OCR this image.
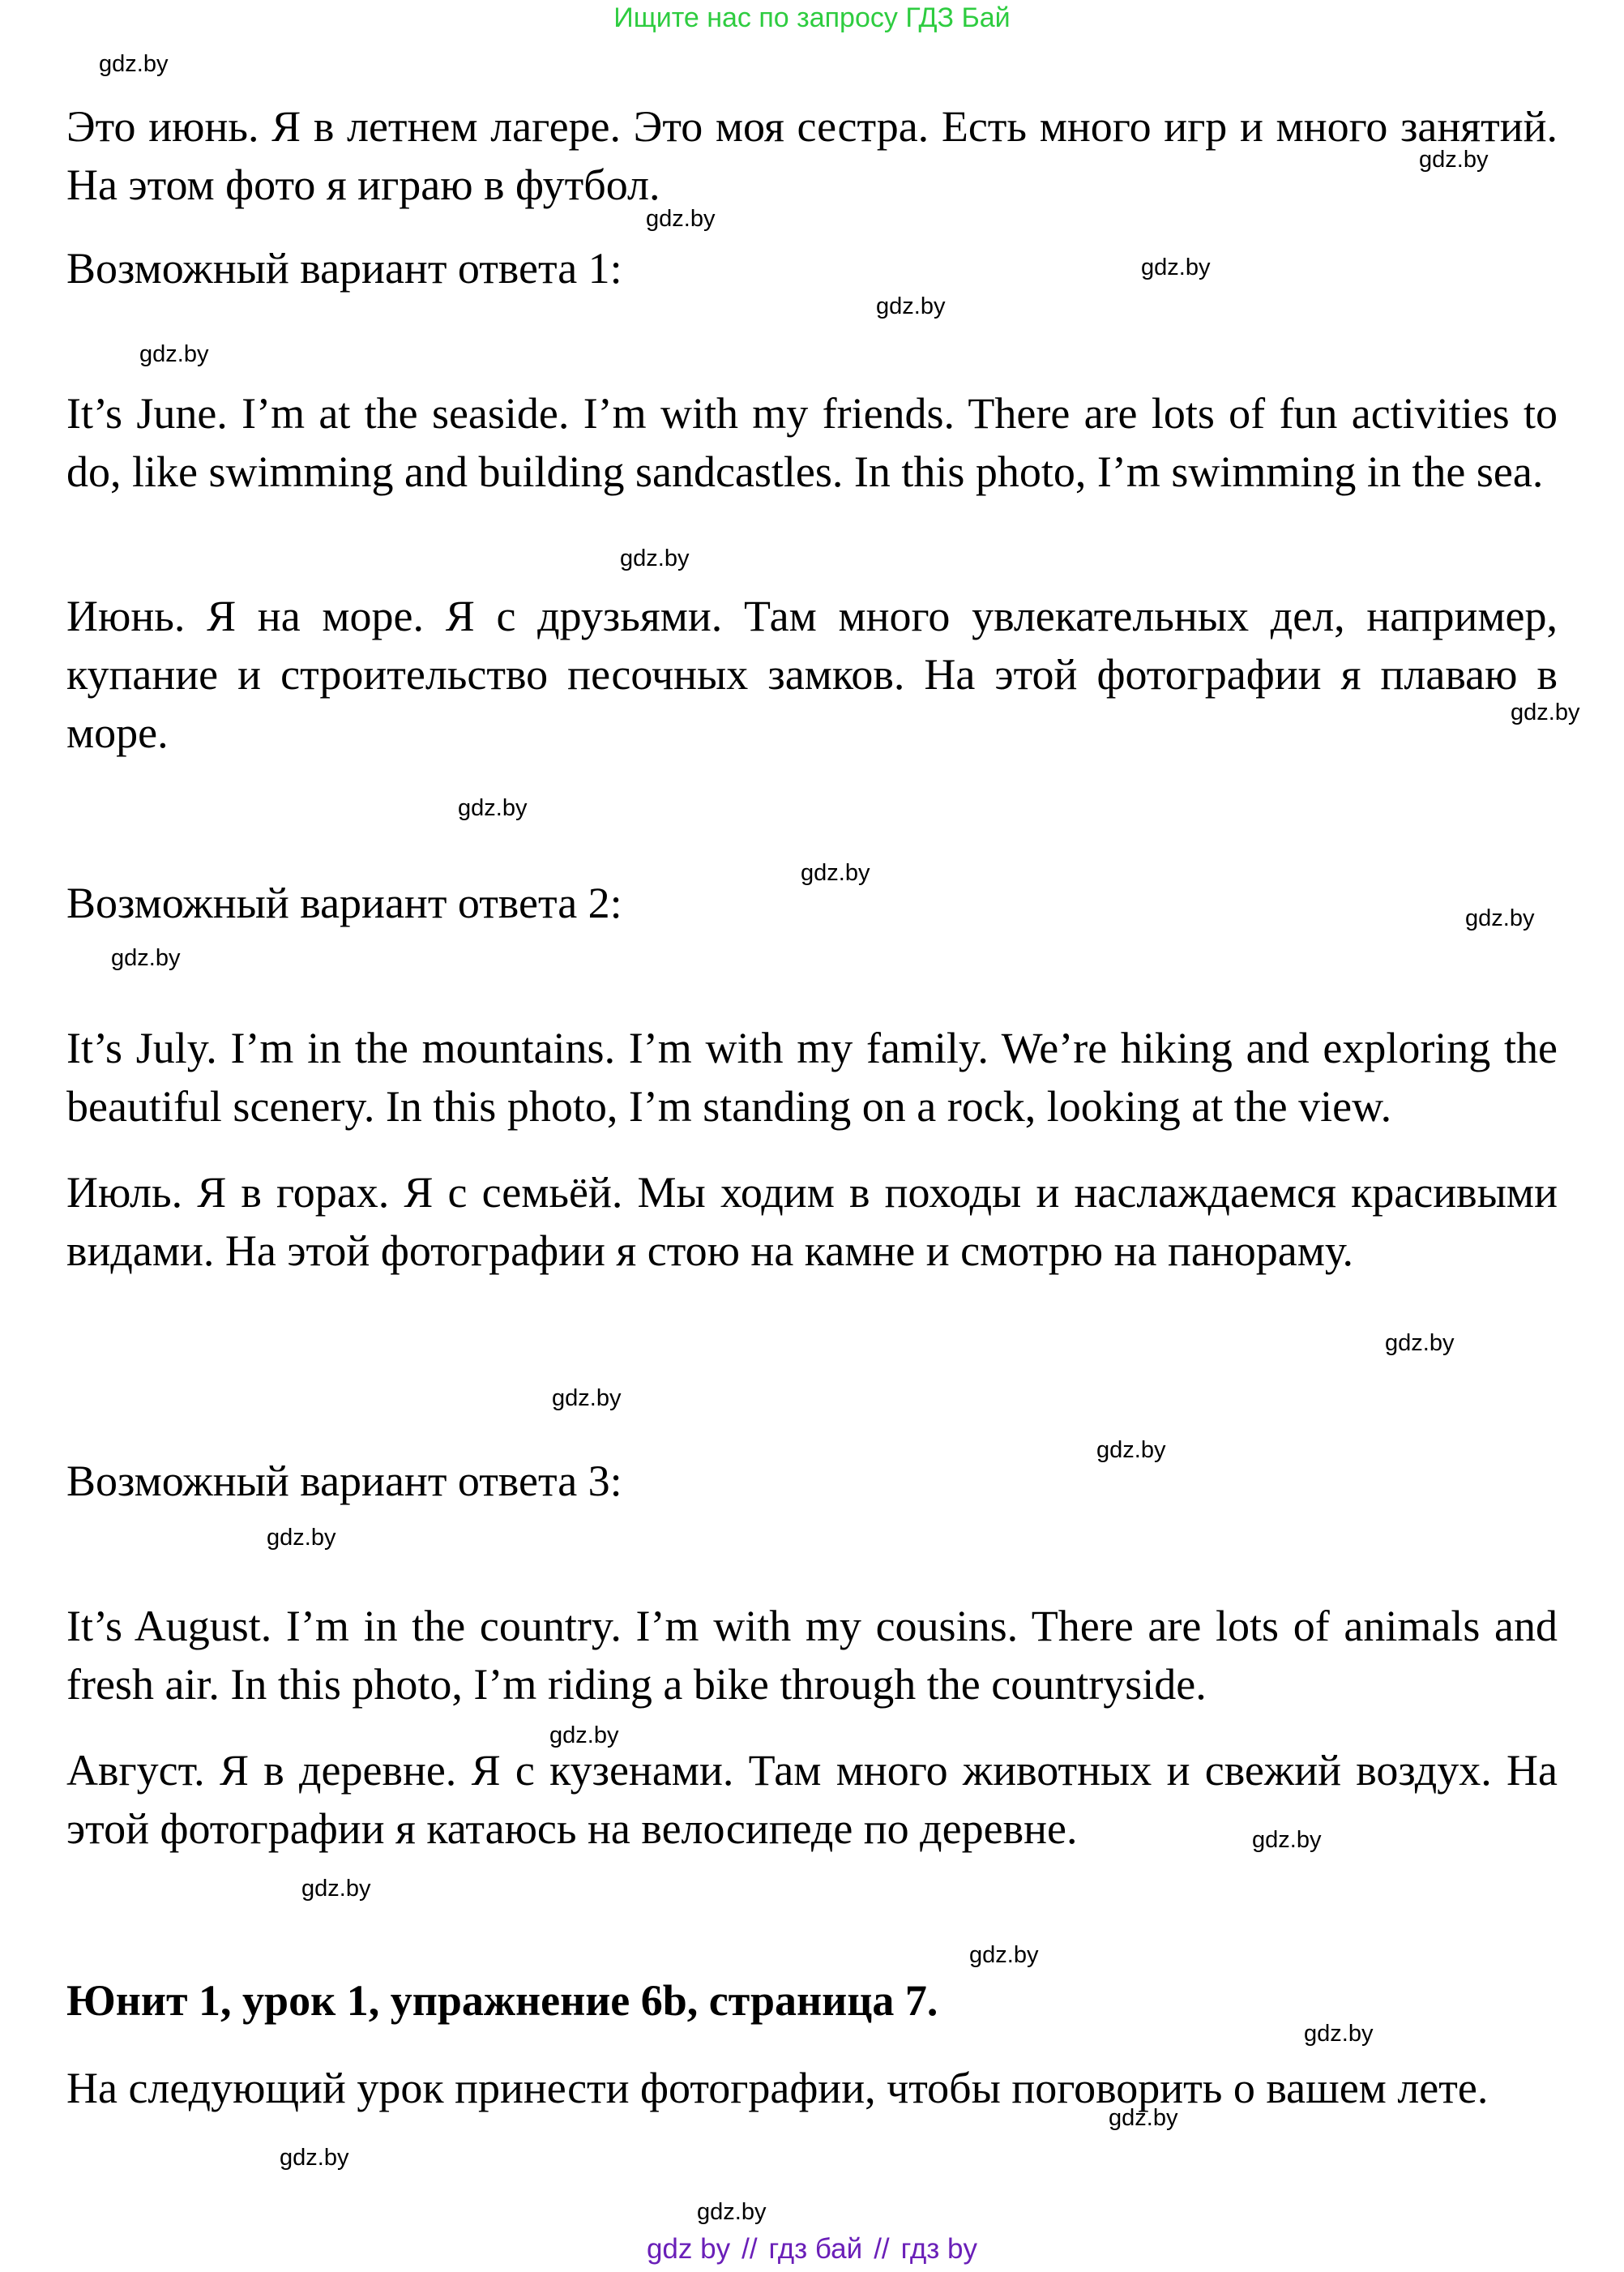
Ищите нас по запросу ГДЗ Бай

Это июнь. Я в летнем лагере. Это моя сестра. Есть много игр и много занятий. На этом фото я играю в футбол.

Возможный вариант ответа 1:

It’s June. I’m at the seaside. I’m with my friends. There are lots of fun activities to do, like swimming and building sandcastles. In this photo, I’m swimming in the sea.

Июнь. Я на море. Я с друзьями. Там много увлекательных дел, например, купание и строительство песочных замков. На этой фотографии я плаваю в море.

Возможный вариант ответа 2:

It’s July. I’m in the mountains. I’m with my family. We’re hiking and exploring the beautiful scenery. In this photo, I’m standing on a rock, looking at the view.

Июль. Я в горах. Я с семьёй. Мы ходим в походы и наслаждаемся красивыми видами. На этой фотографии я стою на камне и смотрю на панораму.

Возможный вариант ответа 3:

It’s August. I’m in the country. I’m with my cousins. There are lots of animals and fresh air. In this photo, I’m riding a bike through the countryside.

Август. Я в деревне. Я с кузенами. Там много животных и свежий воздух. На этой фотографии я катаюсь на велосипеде по деревне.

Юнит 1, урок 1, упражнение 6b, страница 7.

На следующий урок принести фотографии, чтобы поговорить о вашем лете.

gdz.by
gdz.by
gdz.by
gdz.by
gdz.by
gdz.by
gdz.by
gdz.by
gdz.by
gdz.by
gdz.by
gdz.by
gdz.by
gdz.by
gdz.by
gdz.by
gdz.by
gdz.by
gdz.by
gdz.by
gdz.by
gdz.by
gdz.by
gdz.by
gdz by // гдз бай // гдз by
